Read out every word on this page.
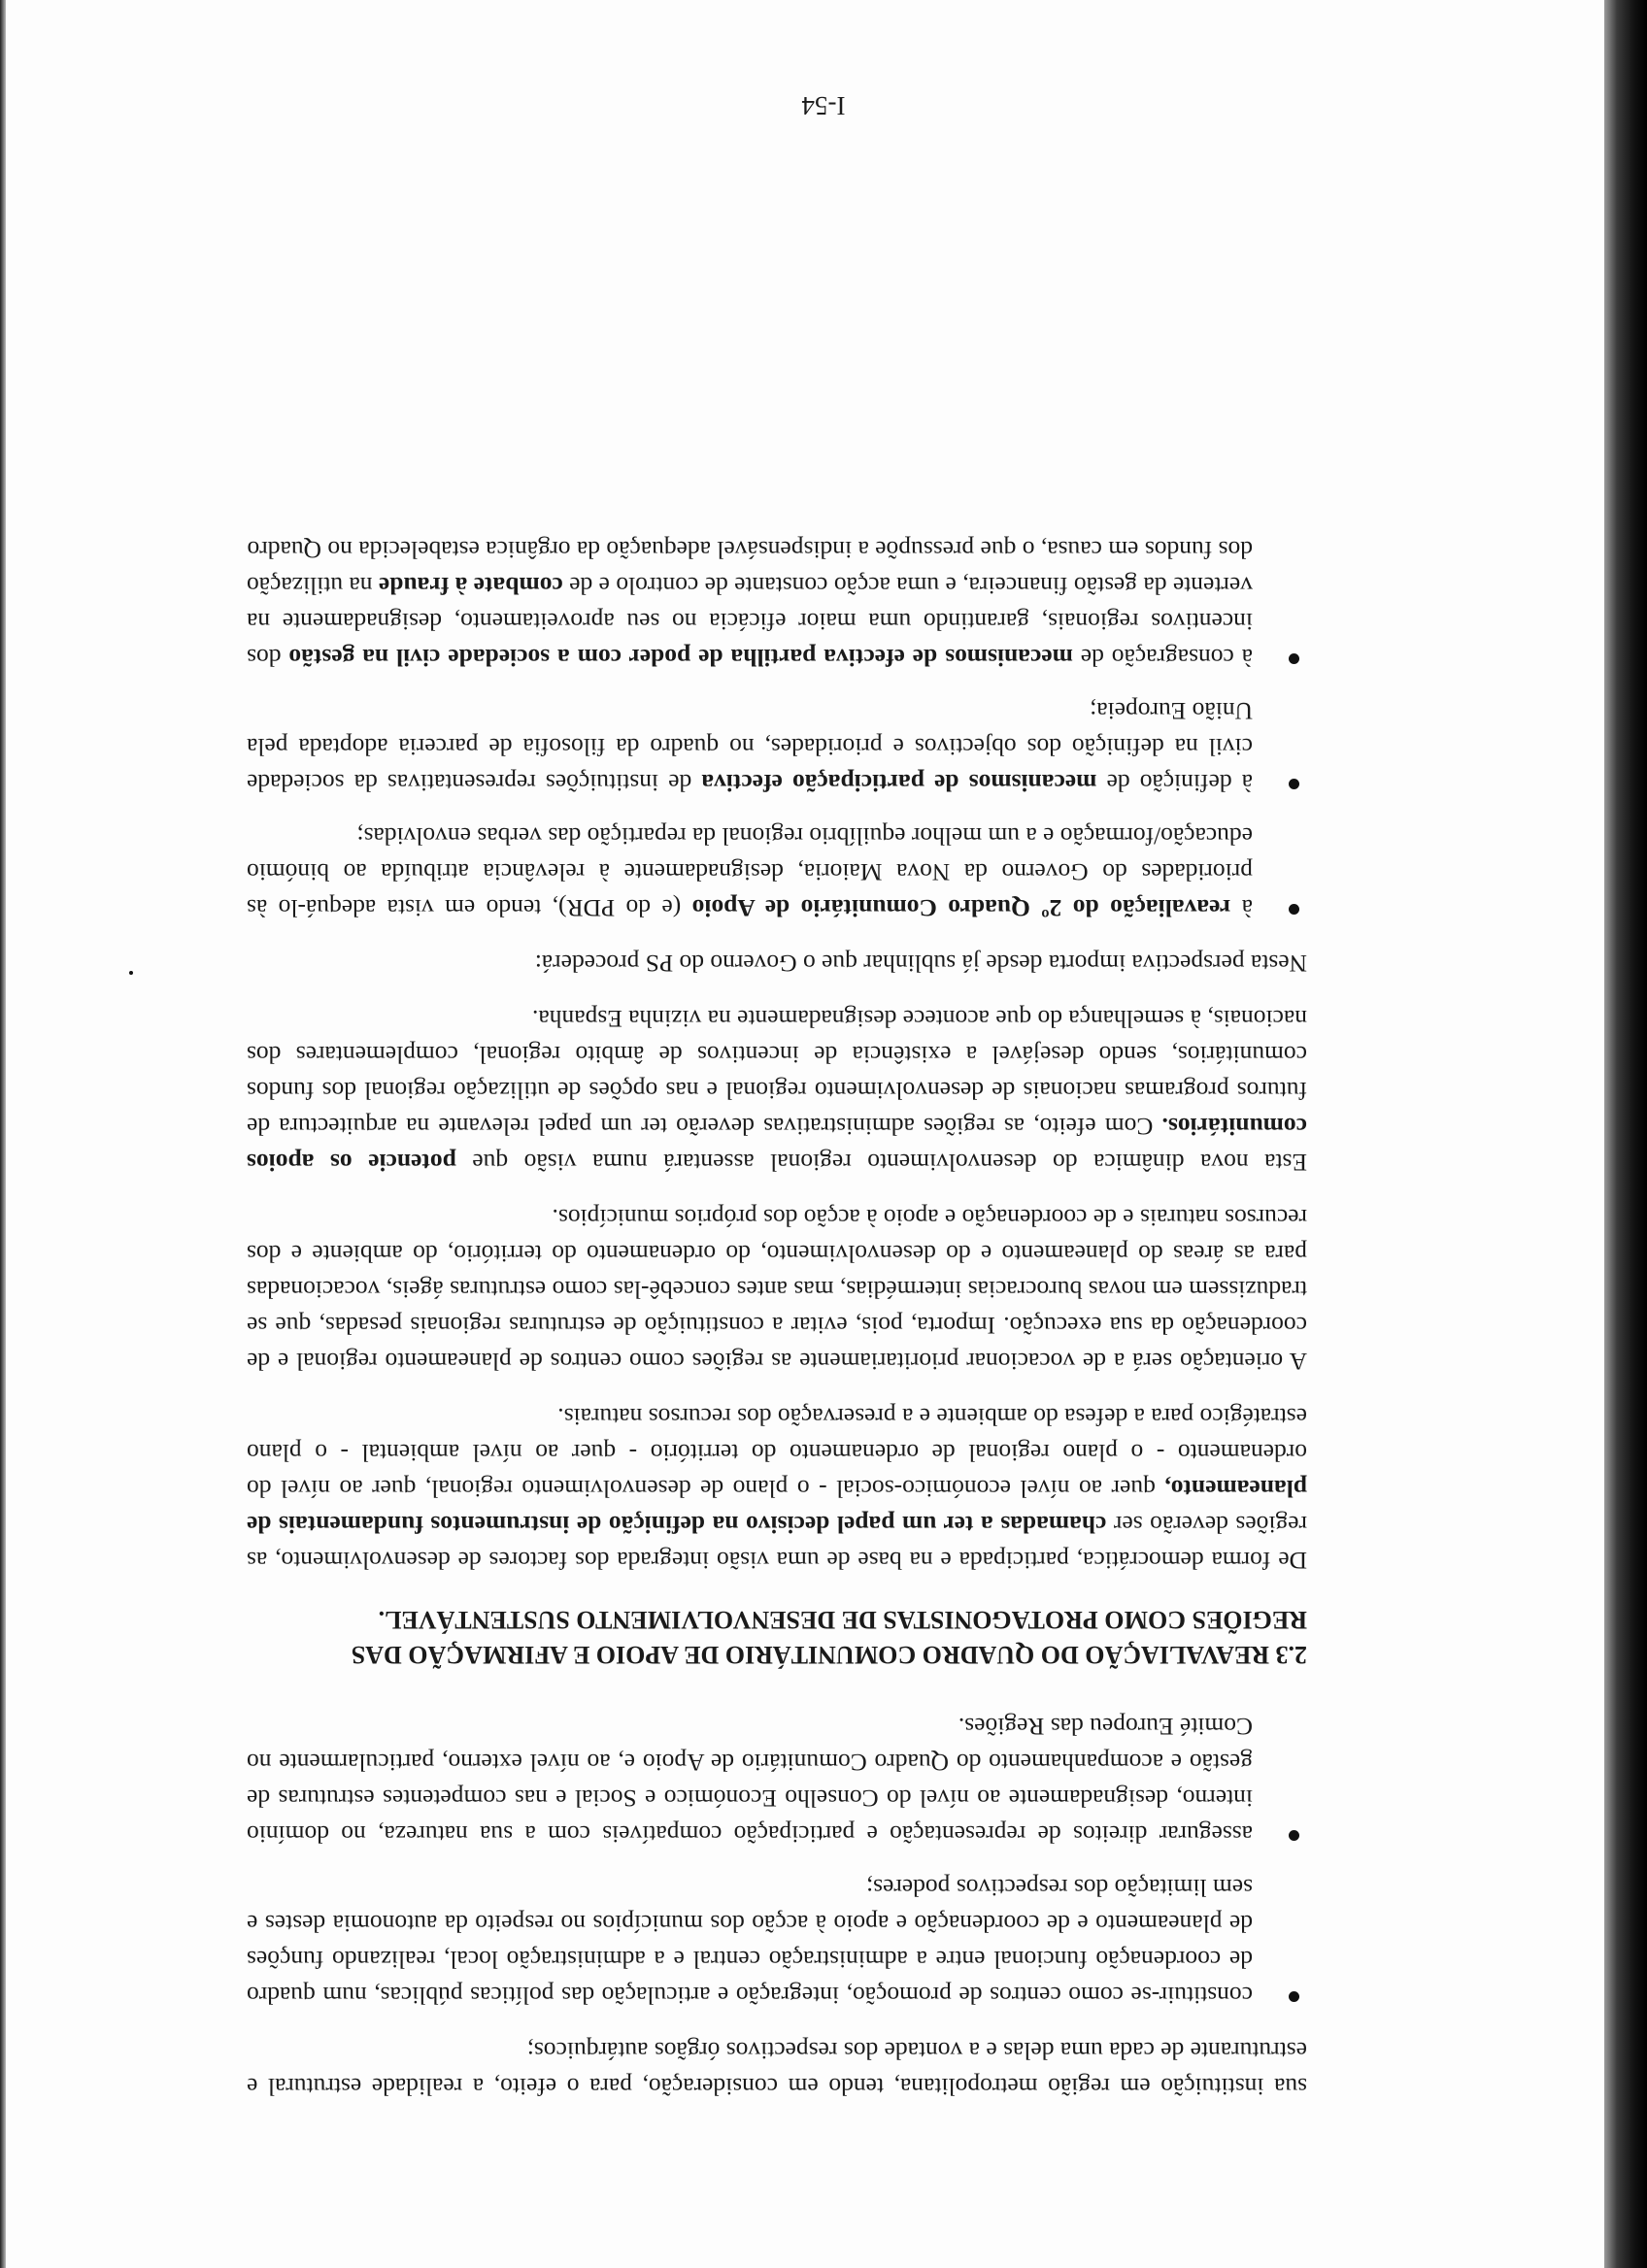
sua instituição em região metropolitana, tendo em consideração, para o efeito, a realidade estrutural e estruturante de cada uma delas e a vontade dos respectivos órgãos autárquicos;

constituir-se como centros de promoção, integração e articulação das políticas públicas, num quadro de coordenação funcional entre a administração central e a administração local, realizando funções de planeamento e de coordenação e apoio à acção dos municípios no respeito da autonomia destes e sem limitação dos respectivos poderes;
assegurar direitos de representação e participação compatíveis com a sua natureza, no domínio interno, designadamente ao nível do Conselho Económico e Social e nas competentes estruturas de gestão e acompanhamento do Quadro Comunitário de Apoio e, ao nível externo, particularmente no Comité Europeu das Regiões.
2.3 REAVALIAÇÃO DO QUADRO COMUNITÁRIO DE APOIO E AFIRMAÇÃO DAS REGIÕES COMO PROTAGONISTAS DE DESENVOLVIMENTO SUSTENTÁVEL.

De forma democrática, participada e na base de uma visão integrada dos factores de desenvolvimento, as regiões deverão ser chamadas a ter um papel decisivo na definição de instrumentos fundamentais de planeamento, quer ao nível económico-social - o plano de desenvolvimento regional, quer ao nível do ordenamento - o plano regional de ordenamento do território - quer ao nível ambiental - o plano estratégico para a defesa do ambiente e a preservação dos recursos naturais.

A orientação será a de vocacionar prioritariamente as regiões como centros de planeamento regional e de coordenação da sua execução. Importa, pois, evitar a constituição de estruturas regionais pesadas, que se traduzissem em novas burocracias intermédias, mas antes concebê-las como estruturas ágeis, vocacionadas para as áreas do planeamento e do desenvolvimento, do ordenamento do território, do ambiente e dos recursos naturais e de coordenação e apoio à acção dos próprios municípios.

Esta nova dinâmica do desenvolvimento regional assentará numa visão que potencie os apoios comunitários. Com efeito, as regiões administrativas deverão ter um papel relevante na arquitectura de futuros programas nacionais de desenvolvimento regional e nas opções de utilização regional dos fundos comunitários, sendo desejável a existência de incentivos de âmbito regional, complementares dos nacionais, à semelhança do que acontece designadamente na vizinha Espanha.

Nesta perspectiva importa desde já sublinhar que o Governo do PS procederá:

à reavaliação do 2º Quadro Comunitário de Apoio (e do PDR), tendo em vista adequá-lo às prioridades do Governo da Nova Maioria, designadamente à relevância atribuída ao binómio educação/formação e a um melhor equilíbrio regional da repartição das verbas envolvidas;
à definição de mecanismos de participação efectiva de instituições representativas da sociedade civil na definição dos objectivos e prioridades, no quadro da filosofia de parceria adoptada pela União Europeia;
à consagração de mecanismos de efectiva partilha de poder com a sociedade civil na gestão dos incentivos regionais, garantindo uma maior eficácia no seu aproveitamento, designadamente na vertente da gestão financeira, e uma acção constante de controlo e de combate à fraude na utilização dos fundos em causa, o que pressupõe a indispensável adequação da orgânica estabelecida no Quadro
I-54
